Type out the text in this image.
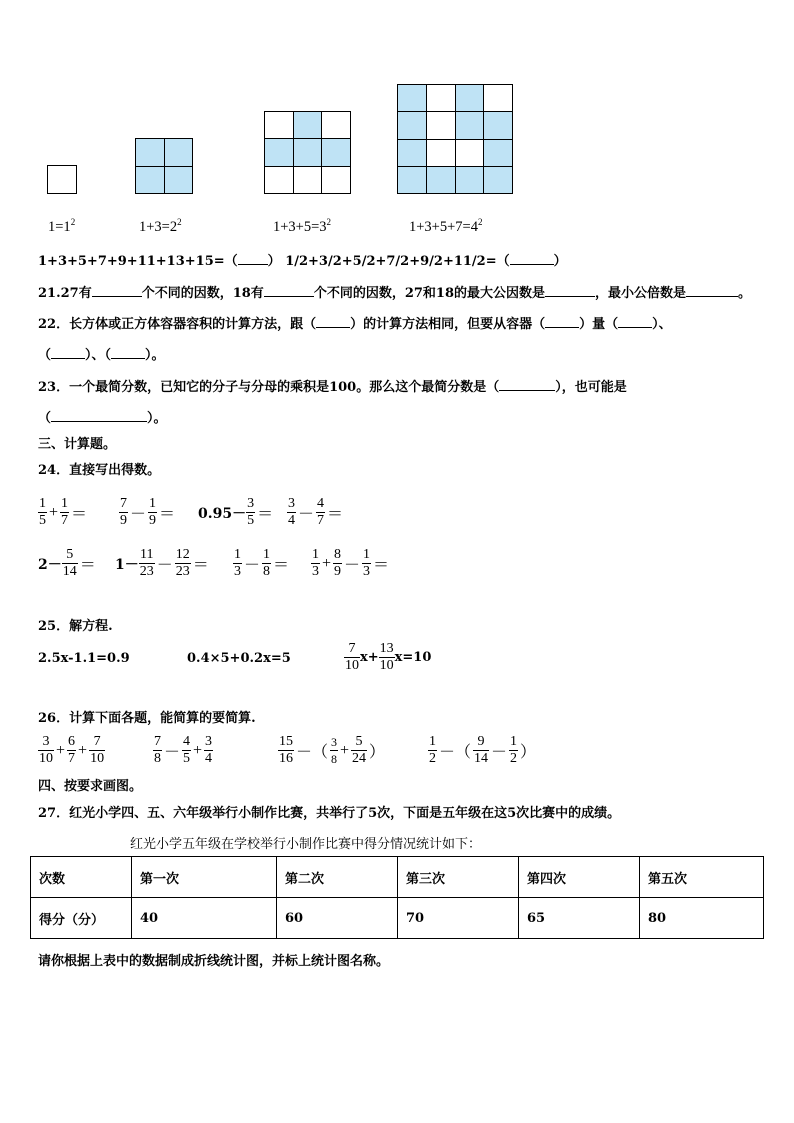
$1=1^2$	$1+3=2^2$	$1+3+5=3^2$	$1+3+5+7=4^2$
1+3+5+7+9+11+13+15=（ ） 1/2+3/2+5/2+7/2+9/2+11/2=（	）
21.27有	个不同的因数，18有	个不同的因数，27和18的最大公因数是	，最小公倍数是	。
22．长方体或正方体容器容积的计算方法，跟（	）的计算方法相同，但要从容器（	）量（	）、
（	）、（	）。
23．一个最简分数，已知它的分子与分母的乘积是100。那么这个最简分数是（	），也可能是
（	）。
三、计算题。
24．直接写出得数。
$\frac{1}{5} + \frac{1}{7} = \frac{7}{9} - \frac{1}{9} = 0.95- \frac{3}{5} = \frac{3}{4} - \frac{4}{7}$ ＝
$2- \frac{5}{14} = 1- \frac{11}{23} - \frac{12}{23} = \frac{1}{3} - \frac{1}{8} = \frac{1}{3} + \frac{8}{9} - \frac{1}{3}$ ＝
25．解方程.
2.5x-1.1=0.9	0.4×5+0.2x=5	$\frac{7}{10} x+ \frac{13}{10} x=10$
26．计算下面各题，能简算的要简算.
$\frac{3}{10} + \frac{6}{7} + \frac{7}{10}$	$\frac{7}{8} - \frac{4}{5} + \frac{3}{4}$	$\frac{15}{16}$ －（ $\frac{3}{8} + \frac{5}{24}$ ）	$\frac{1}{2}$ －（ $\frac{9}{14} - \frac{1}{2}$ ）
四、按要求画图。
27．红光小学四、五、六年级举行小制作比赛，共举行了5次，下面是五年级在这5次比赛中的成绩。
红光小学五年级在学校举行小制作比赛中得分情况统计如下：
次数	第一次	第二次	第三次	第四次	第五次
得分（分）	40	60	70	65	80
请你根据上表中的数据制成折线统计图，并标上统计图名称。
